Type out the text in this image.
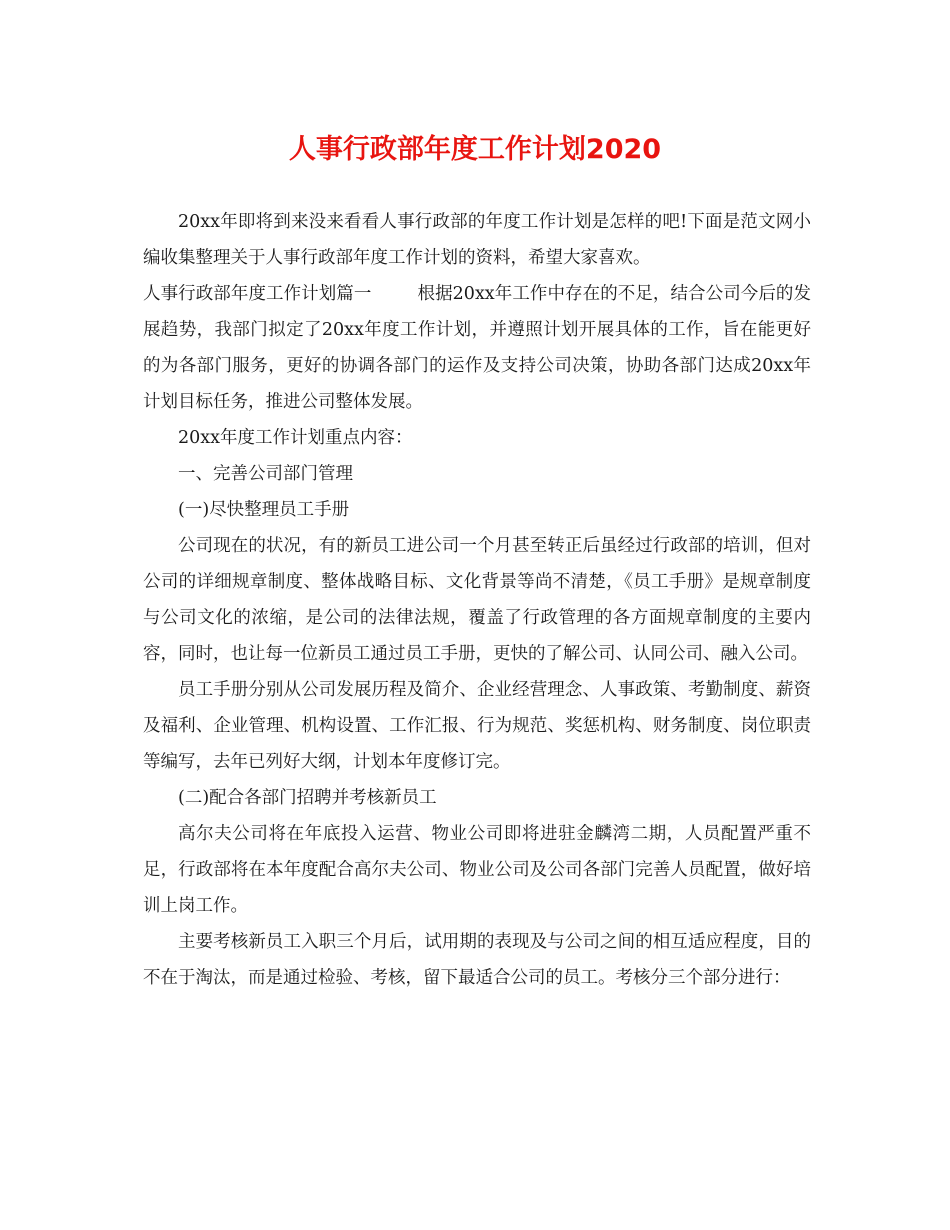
人事行政部年度工作计划2020

20xx年即将到来没来看看人事行政部的年度工作计划是怎样的吧!下面是范文网小编收集整理关于人事行政部年度工作计划的资料，希望大家喜欢。

人事行政部年度工作计划篇一	根据20xx年工作中存在的不足，结合公司今后的发展趋势，我部门拟定了20xx年度工作计划，并遵照计划开展具体的工作，旨在能更好的为各部门服务，更好的协调各部门的运作及支持公司决策，协助各部门达成20xx年计划目标任务，推进公司整体发展。

20xx年度工作计划重点内容：

一、完善公司部门管理

(一)尽快整理员工手册

公司现在的状况，有的新员工进公司一个月甚至转正后虽经过行政部的培训，但对公司的详细规章制度、整体战略目标、文化背景等尚不清楚，《员工手册》是规章制度与公司文化的浓缩，是公司的法律法规，覆盖了行政管理的各方面规章制度的主要内容，同时，也让每一位新员工通过员工手册，更快的了解公司、认同公司、融入公司。

员工手册分别从公司发展历程及简介、企业经营理念、人事政策、考勤制度、薪资及福利、企业管理、机构设置、工作汇报、行为规范、奖惩机构、财务制度、岗位职责等编写，去年已列好大纲，计划本年度修订完。

(二)配合各部门招聘并考核新员工

高尔夫公司将在年底投入运营、物业公司即将进驻金麟湾二期，人员配置严重不足，行政部将在本年度配合高尔夫公司、物业公司及公司各部门完善人员配置，做好培训上岗工作。

主要考核新员工入职三个月后，试用期的表现及与公司之间的相互适应程度，目的不在于淘汰，而是通过检验、考核，留下最适合公司的员工。考核分三个部分进行：
